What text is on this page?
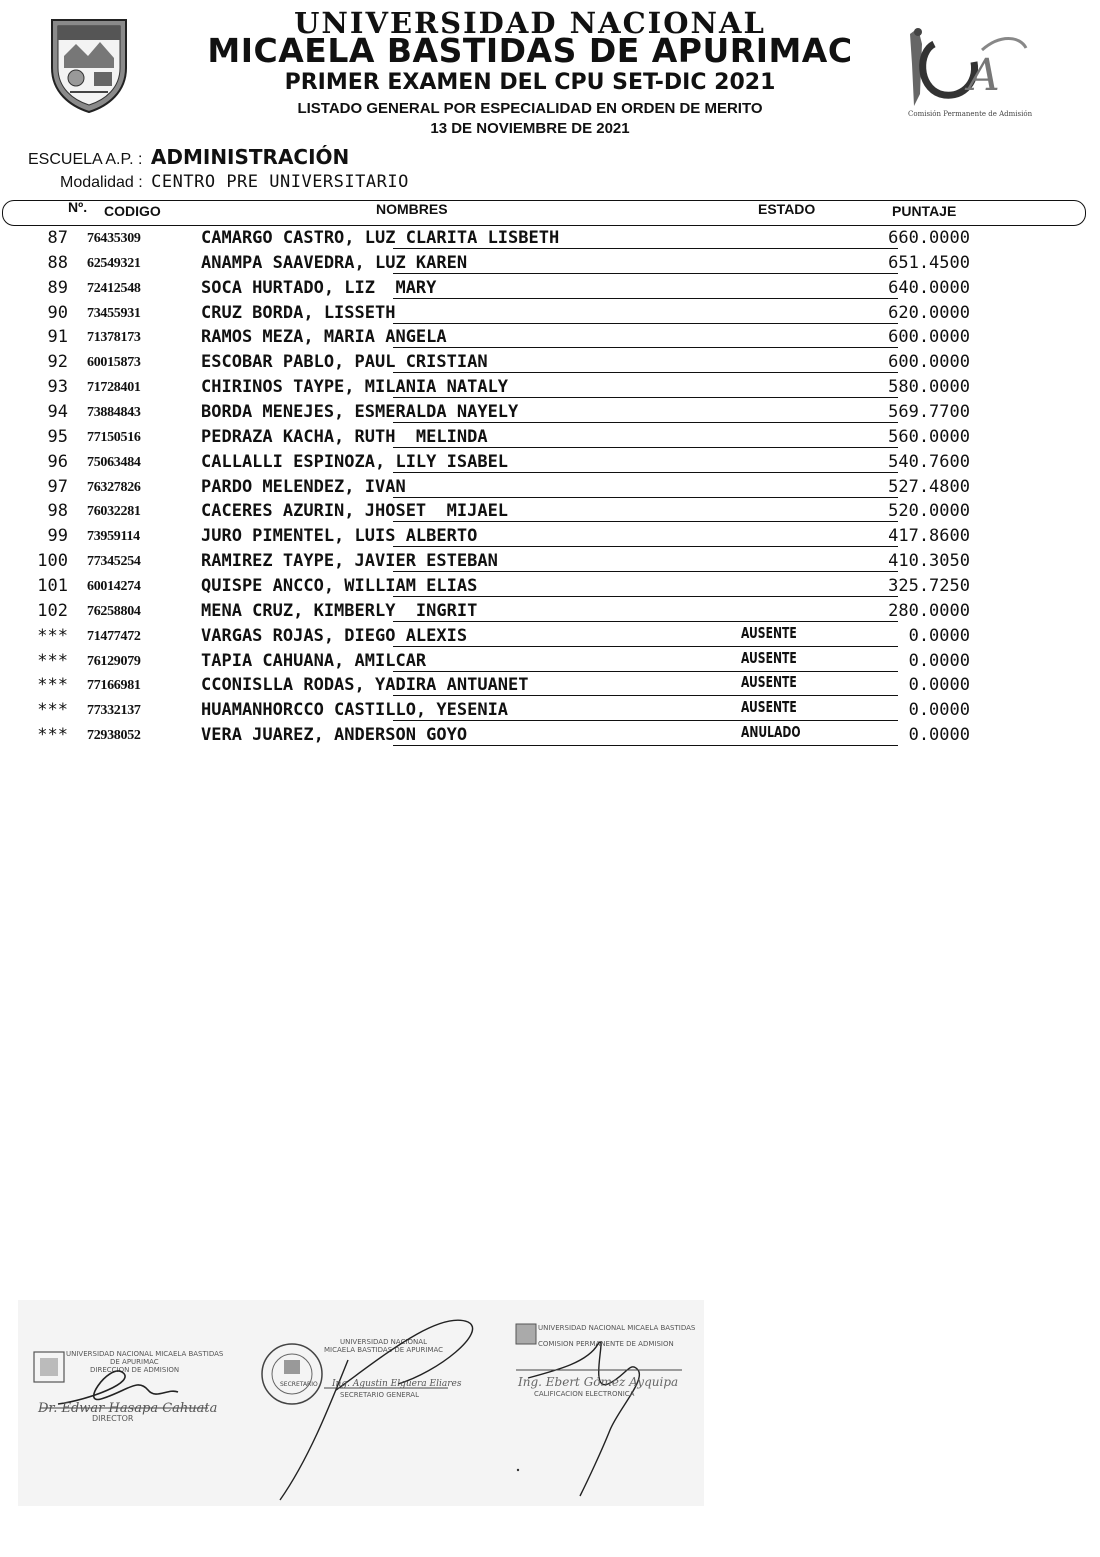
A
Comisión Permanente de Admisión
UNIVERSIDAD NACIONAL
MICAELA BASTIDAS DE APURIMAC
PRIMER EXAMEN DEL CPU SET-DIC 2021
LISTADO GENERAL POR ESPECIALIDAD EN ORDEN DE MERITO
13 DE NOVIEMBRE DE 2021
ESCUELA A.P. : ADMINISTRACIÓN
Modalidad : CENTRO PRE UNIVERSITARIO
Nº. CODIGO	NOMBRES	ESTADO	PUNTAJE
87 76435309	CAMARGO CASTRO, LUZ CLARITA LISBETH	660.0000
88 62549321	ANAMPA SAAVEDRA, LUZ KAREN	651.4500
89 72412548	SOCA HURTADO, LIZ  MARY	640.0000
90 73455931	CRUZ BORDA, LISSETH	620.0000
91 71378173	RAMOS MEZA, MARIA ANGELA	600.0000
92 60015873	ESCOBAR PABLO, PAUL CRISTIAN	600.0000
93 71728401	CHIRINOS TAYPE, MILANIA NATALY	580.0000
94 73884843	BORDA MENEJES, ESMERALDA NAYELY	569.7700
95 77150516	PEDRAZA KACHA, RUTH  MELINDA	560.0000
96 75063484	CALLALLI ESPINOZA, LILY ISABEL	540.7600
97 76327826	PARDO MELENDEZ, IVAN	527.4800
98 76032281	CACERES AZURIN, JHOSET  MIJAEL	520.0000
99 73959114	JURO PIMENTEL, LUIS ALBERTO	417.8600
100 77345254	RAMIREZ TAYPE, JAVIER ESTEBAN	410.3050
101 60014274	QUISPE ANCCO, WILLIAM ELIAS	325.7250
102 76258804	MENA CRUZ, KIMBERLY  INGRIT	280.0000
*** 71477472	VARGAS ROJAS, DIEGO ALEXIS	AUSENTE	0.0000
*** 76129079	TAPIA CAHUANA, AMILCAR	AUSENTE	0.0000
*** 77166981	CCONISLLA RODAS, YADIRA ANTUANET	AUSENTE	0.0000
*** 77332137	HUAMANHORCCO CASTILLO, YESENIA	AUSENTE	0.0000
*** 72938052	VERA JUAREZ, ANDERSON GOYO	ANULADO	0.0000
UNIVERSIDAD NACIONAL MICAELA BASTIDAS
DE APURIMAC
DIRECCION DE ADMISION
Dr. Edwar Hasapa Cahuata
DIRECTOR
SECRETARIO
UNIVERSIDAD NACIONAL
MICAELA BASTIDAS DE APURIMAC
Ing. Agustin Elguera Eliares
SECRETARIO GENERAL
UNIVERSIDAD NACIONAL MICAELA BASTIDAS
COMISION PERMANENTE DE ADMISION
Ing. Ebert Gómez Ayquipa
CALIFICACION ELECTRONICA
